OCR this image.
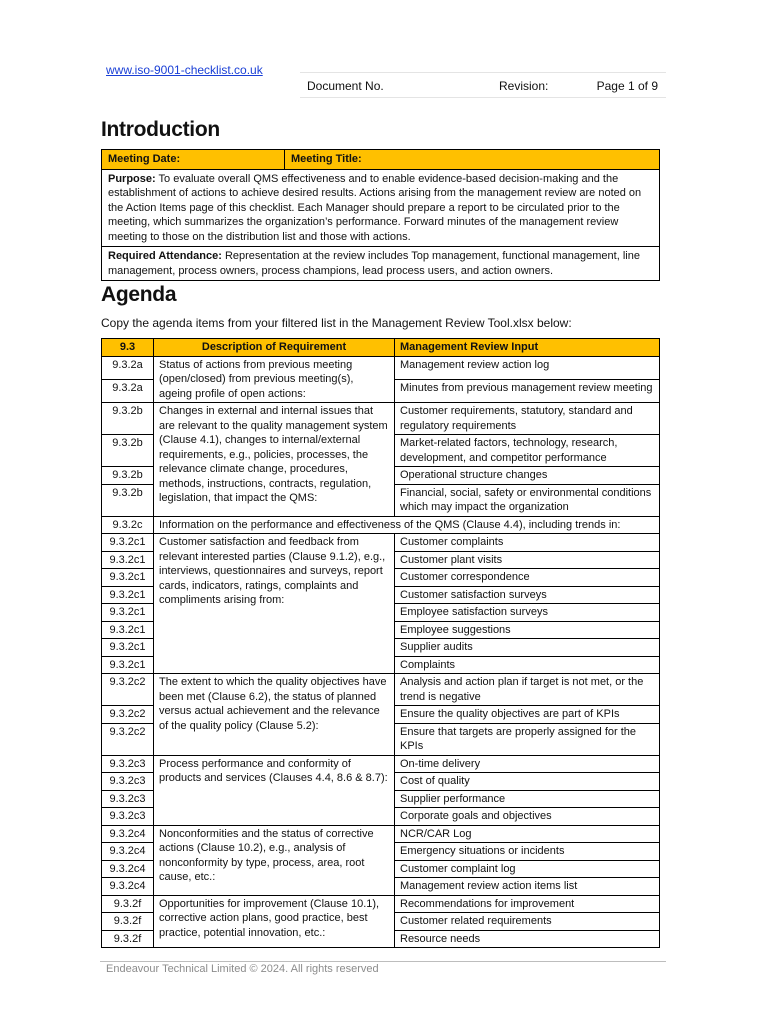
www.iso-9001-checklist.co.uk
Document No.	Revision:	Page 1 of 9
Introduction
Meeting Date:	Meeting Title:
Purpose: To evaluate overall QMS effectiveness and to enable evidence-based decision-making and the establishment of actions to achieve desired results. Actions arising from the management review are noted on the Action Items page of this checklist. Each Manager should prepare a report to be circulated prior to the meeting, which summarizes the organization’s performance. Forward minutes of the management review meeting to those on the distribution list and those with actions.
Required Attendance: Representation at the review includes Top management, functional management, line management, process owners, process champions, lead process users, and action owners.
Agenda
Copy the agenda items from your filtered list in the Management Review Tool.xlsx below:
9.3	Description of Requirement	Management Review Input
9.3.2a	Status of actions from previous meeting (open/closed) from previous meeting(s), ageing profile of open actions:	Management review action log
9.3.2a		Minutes from previous management review meeting
9.3.2b	Changes in external and internal issues that are relevant to the quality management system (Clause 4.1), changes to internal/external requirements, e.g., policies, processes, the relevance climate change, procedures, methods, instructions, contracts, regulation, legislation, that impact the QMS:	Customer requirements, statutory, standard and regulatory requirements
9.3.2b		Market-related factors, technology, research, development, and competitor performance
9.3.2b		Operational structure changes
9.3.2b		Financial, social, safety or environmental conditions which may impact the organization
9.3.2c	Information on the performance and effectiveness of the QMS (Clause 4.4), including trends in:	
9.3.2c1	Customer satisfaction and feedback from relevant interested parties (Clause 9.1.2), e.g., interviews, questionnaires and surveys, report cards, indicators, ratings, complaints and compliments arising from:	Customer complaints
9.3.2c1		Customer plant visits
9.3.2c1		Customer correspondence
9.3.2c1		Customer satisfaction surveys
9.3.2c1		Employee satisfaction surveys
9.3.2c1		Employee suggestions
9.3.2c1		Supplier audits
9.3.2c1		Complaints
9.3.2c2	The extent to which the quality objectives have been met (Clause 6.2), the status of planned versus actual achievement and the relevance of the quality policy (Clause 5.2):	Analysis and action plan if target is not met, or the trend is negative
9.3.2c2		Ensure the quality objectives are part of KPIs
9.3.2c2		Ensure that targets are properly assigned for the KPIs
9.3.2c3	Process performance and conformity of products and services (Clauses 4.4, 8.6 & 8.7):	On-time delivery
9.3.2c3		Cost of quality
9.3.2c3		Supplier performance
9.3.2c3		Corporate goals and objectives
9.3.2c4	Nonconformities and the status of corrective actions (Clause 10.2), e.g., analysis of nonconformity by type, process, area, root cause, etc.:	NCR/CAR Log
9.3.2c4		Emergency situations or incidents
9.3.2c4		Customer complaint log
9.3.2c4		Management review action items list
9.3.2f	Opportunities for improvement (Clause 10.1), corrective action plans, good practice, best practice, potential innovation, etc.:	Recommendations for improvement
9.3.2f		Customer related requirements
9.3.2f		Resource needs
Endeavour Technical Limited © 2024. All rights reserved
